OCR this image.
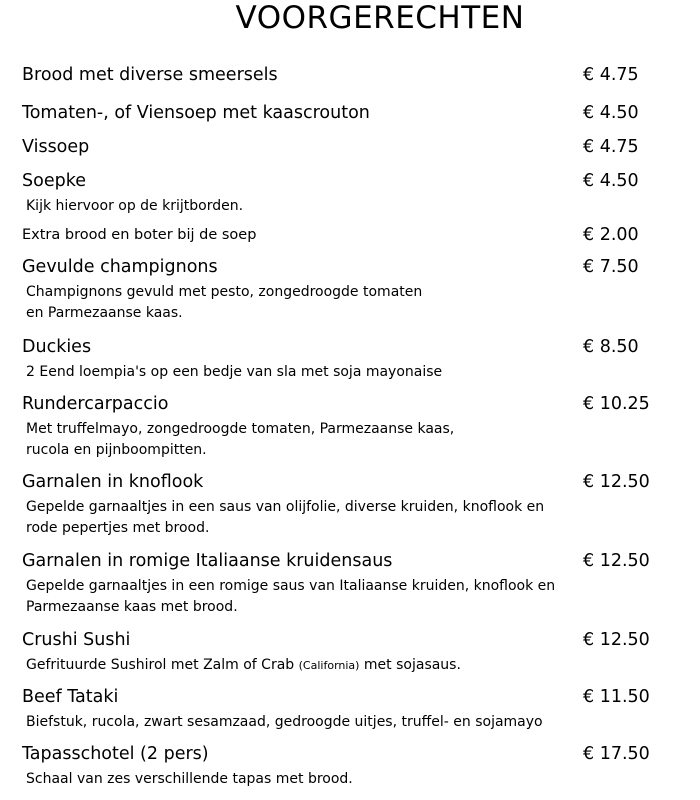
VOORGERECHTEN
Brood met diverse smeersels	€ 4.75
Tomaten-, of Viensoep met kaascrouton	€ 4.50
Vissoep	€ 4.75
Soepke	€ 4.50
Kijk hiervoor op de krijtborden.
Extra brood en boter bij de soep	€ 2.00
Gevulde champignons	€ 7.50
Champignons gevuld met pesto, zongedroogde tomaten
en Parmezaanse kaas.
Duckies	€ 8.50
2 Eend loempia's op een bedje van sla met soja mayonaise
Rundercarpaccio	€ 10.25
Met truffelmayo, zongedroogde tomaten, Parmezaanse kaas,
rucola en pijnboompitten.
Garnalen in knoflook	€ 12.50
Gepelde garnaaltjes in een saus van olijfolie, diverse kruiden, knoflook en
rode pepertjes met brood.
Garnalen in romige Italiaanse kruidensaus	€ 12.50
Gepelde garnaaltjes in een romige saus van Italiaanse kruiden, knoflook en
Parmezaanse kaas met brood.
Crushi Sushi	€ 12.50
Gefrituurde Sushirol met Zalm of Crab (California) met sojasaus.
Beef Tataki	€ 11.50
Biefstuk, rucola, zwart sesamzaad, gedroogde uitjes, truffel- en sojamayo
Tapasschotel (2 pers)	€ 17.50
Schaal van zes verschillende tapas met brood.
